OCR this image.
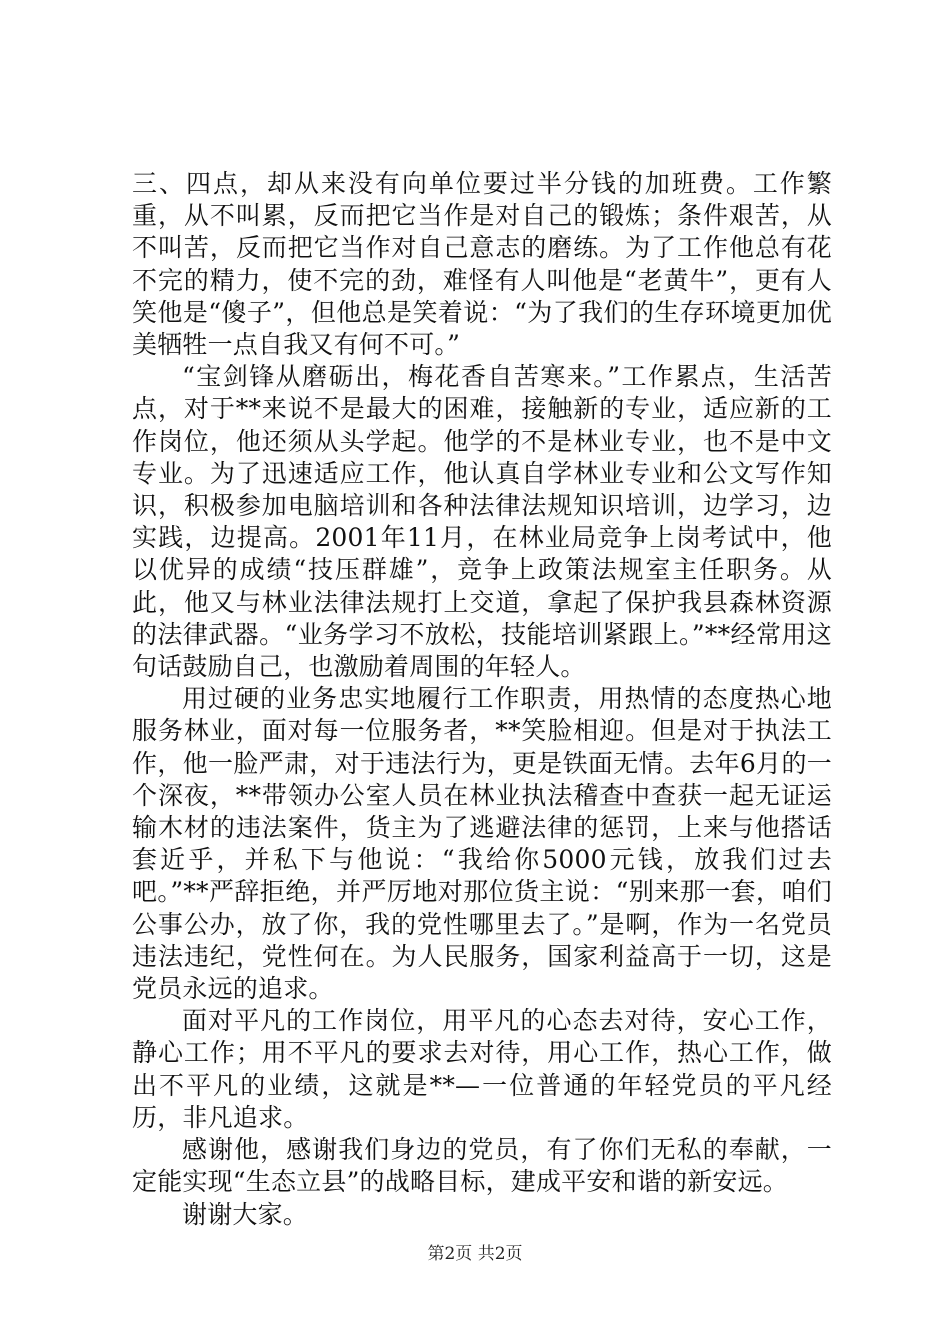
三、四点，却从来没有向单位要过半分钱的加班费。工作繁重，从不叫累，反而把它当作是对自己的锻炼；条件艰苦，从不叫苦，反而把它当作对自己意志的磨练。为了工作他总有花不完的精力，使不完的劲，难怪有人叫他是“老黄牛”，更有人笑他是“傻子”，但他总是笑着说：“为了我们的生存环境更加优美牺牲一点自我又有何不可。”

“宝剑锋从磨砺出，梅花香自苦寒来。”工作累点，生活苦点，对于**来说不是最大的困难，接触新的专业，适应新的工作岗位，他还须从头学起。他学的不是林业专业，也不是中文专业。为了迅速适应工作，他认真自学林业专业和公文写作知识，积极参加电脑培训和各种法律法规知识培训，边学习，边实践，边提高。2001年11月，在林业局竞争上岗考试中，他以优异的成绩“技压群雄”，竞争上政策法规室主任职务。从此，他又与林业法律法规打上交道，拿起了保护我县森林资源的法律武器。“业务学习不放松，技能培训紧跟上。”**经常用这句话鼓励自己，也激励着周围的年轻人。

用过硬的业务忠实地履行工作职责，用热情的态度热心地服务林业，面对每一位服务者，**笑脸相迎。但是对于执法工作，他一脸严肃，对于违法行为，更是铁面无情。去年6月的一个深夜，**带领办公室人员在林业执法稽查中查获一起无证运输木材的违法案件，货主为了逃避法律的惩罚，上来与他搭话套近乎，并私下与他说：“我给你5000元钱，放我们过去吧。”**严辞拒绝，并严厉地对那位货主说：“别来那一套，咱们公事公办，放了你，我的党性哪里去了。”是啊，作为一名党员违法违纪，党性何在。为人民服务，国家利益高于一切，这是党员永远的追求。

面对平凡的工作岗位，用平凡的心态去对待，安心工作，静心工作；用不平凡的要求去对待，用心工作，热心工作，做出不平凡的业绩，这就是**—一位普通的年轻党员的平凡经历，非凡追求。

感谢他，感谢我们身边的党员，有了你们无私的奉献，一定能实现“生态立县”的战略目标，建成平安和谐的新安远。

谢谢大家。

第2页 共2页
